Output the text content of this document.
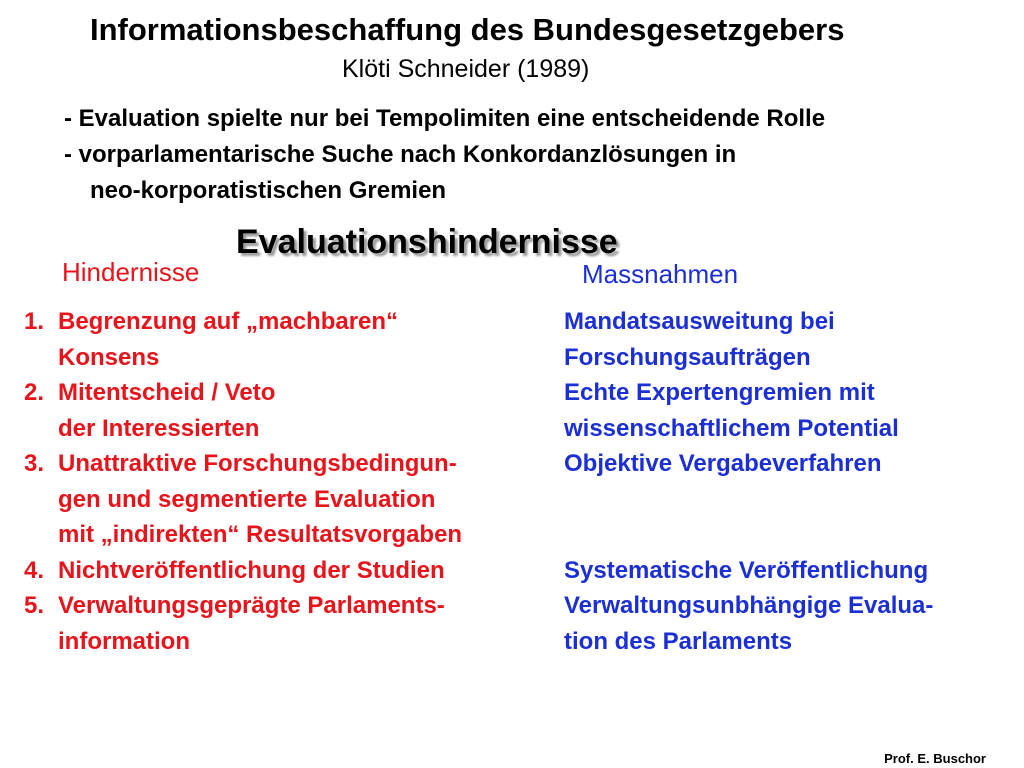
Informationsbeschaffung des Bundesgesetzgebers
Klöti Schneider (1989)
- Evaluation spielte nur bei Tempolimiten eine entscheidende Rolle
- vorparlamentarische Suche nach Konkordanzlösungen in
neo-korporatistischen Gremien
Evaluationshindernisse
Hindernisse	Massnahmen
1. Begrenzung auf „machbaren“
Konsens
2. Mitentscheid / Veto
der Interessierten
3. Unattraktive Forschungsbedingun-
gen und segmentierte Evaluation
mit „indirekten“ Resultatsvorgaben
4. Nichtveröffentlichung der Studien
5. Verwaltungsgeprägte Parlaments-
information
Mandatsausweitung bei
Forschungsaufträgen
Echte Expertengremien mit
wissenschaftlichem Potential
Objektive Vergabeverfahren
Systematische Veröffentlichung
Verwaltungsunbhängige Evalua-
tion des Parlaments
Prof. E. Buschor
